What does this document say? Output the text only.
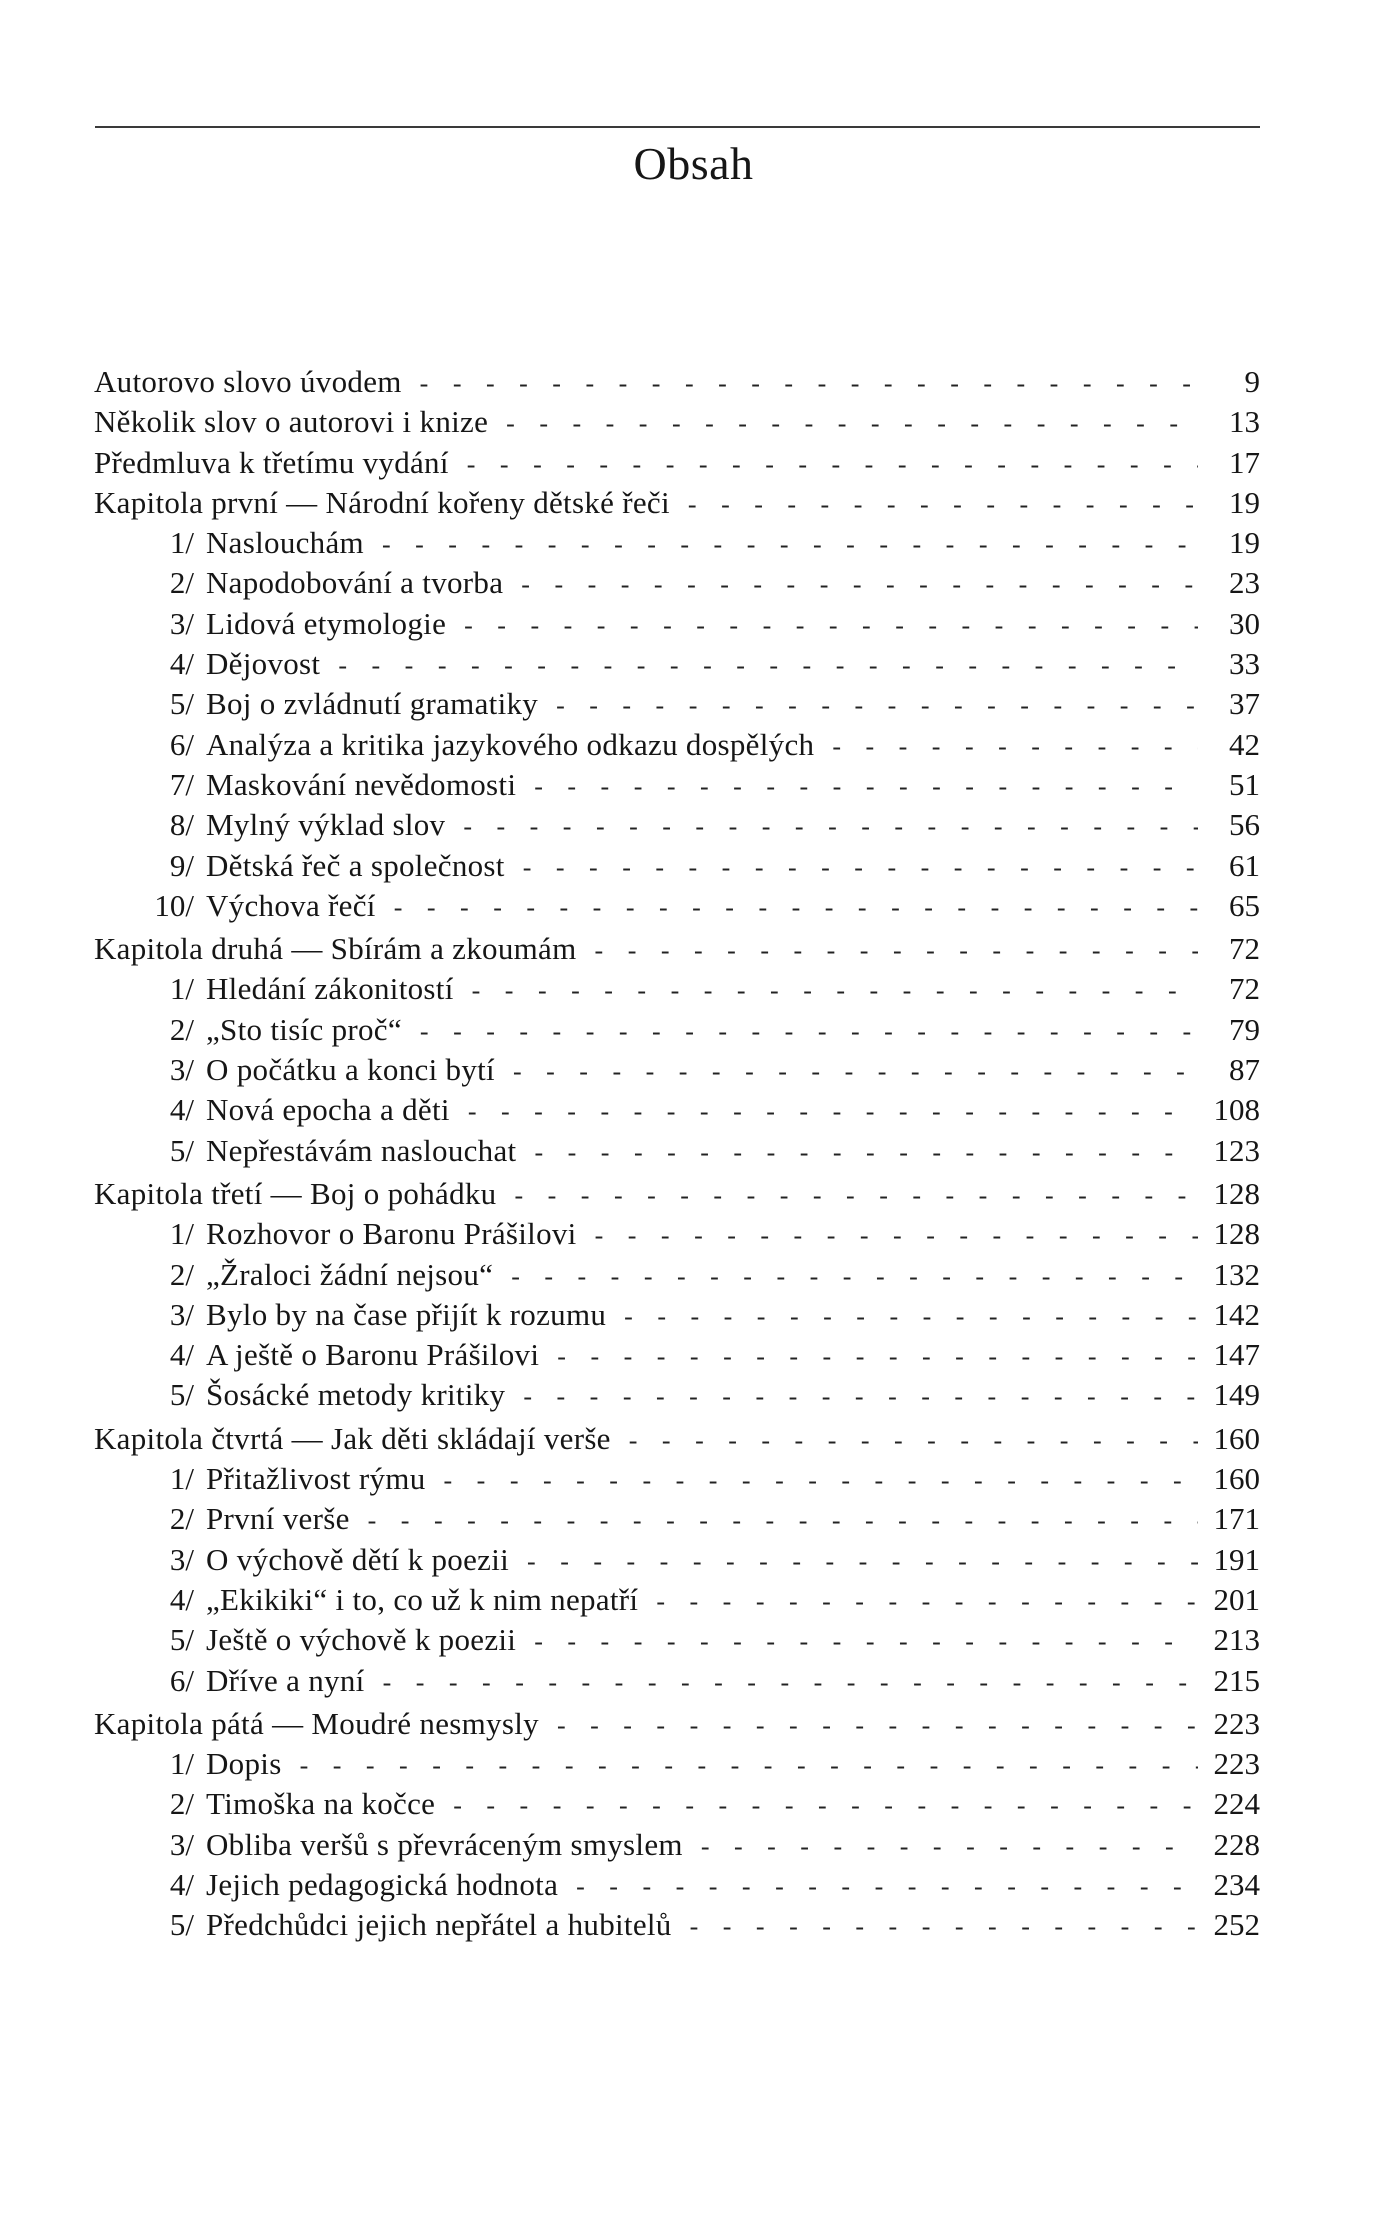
Obsah
Autorovo slovo úvodem - - -	9
Několik slov o autorovi i knize - - -	13
Předmluva k třetímu vydání - - -	17
Kapitola první — Národní kořeny dětské řeči - - -	19
1/ Naslouchám - - -	19
2/ Napodobování a tvorba - - -	23
3/ Lidová etymologie - - -	30
4/ Dějovost - - -	33
5/ Boj o zvládnutí gramatiky - - -	37
6/ Analýza a kritika jazykového odkazu dospělých - - -	42
7/ Maskování nevědomosti - - -	51
8/ Mylný výklad slov - - -	56
9/ Dětská řeč a společnost - - -	61
10/ Výchova řečí - - -	65
Kapitola druhá — Sbírám a zkoumám - - -	72
1/ Hledání zákonitostí - - -	72
2/ „Sto tisíc proč“ - - -	79
3/ O počátku a konci bytí - - -	87
4/ Nová epocha a děti - - -	108
5/ Nepřestávám naslouchat - - -	123
Kapitola třetí — Boj o pohádku - - -	128
1/ Rozhovor o Baronu Prášilovi - - -	128
2/ „Žraloci žádní nejsou“ - - -	132
3/ Bylo by na čase přijít k rozumu - - -	142
4/ A ještě o Baronu Prášilovi - - -	147
5/ Šosácké metody kritiky - - -	149
Kapitola čtvrtá — Jak děti skládají verše - - -	160
1/ Přitažlivost rýmu - - -	160
2/ První verše - - -	171
3/ O výchově dětí k poezii - - -	191
4/ „Ekikiki“ i to, co už k nim nepatří - - -	201
5/ Ještě o výchově k poezii - - -	213
6/ Dříve a nyní - - -	215
Kapitola pátá — Moudré nesmysly - - -	223
1/ Dopis - - -	223
2/ Timoška na kočce - - -	224
3/ Obliba veršů s převráceným smyslem - - -	228
4/ Jejich pedagogická hodnota - - -	234
5/ Předchůdci jejich nepřátel a hubitelů - - -	252
